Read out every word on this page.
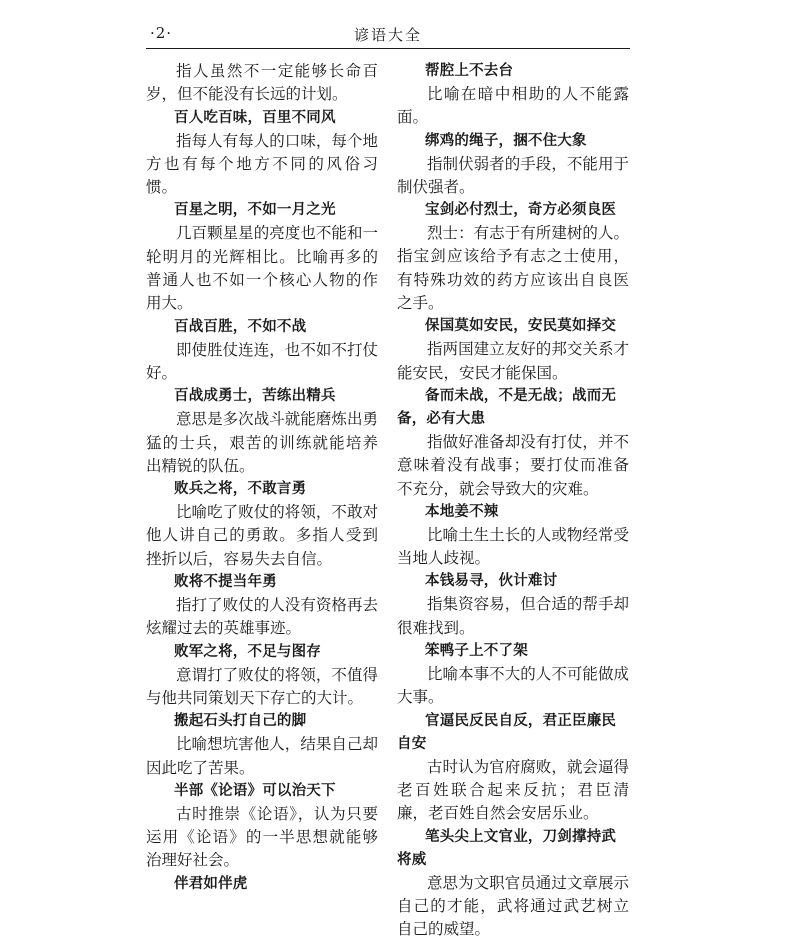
·2·	谚语大全

指人虽然不一定能够长命百岁，但不能没有长远的计划。

百人吃百味，百里不同风

指每人有每人的口味，每个地方也有每个地方不同的风俗习惯。

百星之明，不如一月之光

几百颗星星的亮度也不能和一轮明月的光辉相比。比喻再多的普通人也不如一个核心人物的作用大。

百战百胜，不如不战

即使胜仗连连，也不如不打仗好。

百战成勇士，苦练出精兵

意思是多次战斗就能磨炼出勇猛的士兵，艰苦的训练就能培养出精锐的队伍。

败兵之将，不敢言勇

比喻吃了败仗的将领，不敢对他人讲自己的勇敢。多指人受到挫折以后，容易失去自信。

败将不提当年勇

指打了败仗的人没有资格再去炫耀过去的英雄事迹。

败军之将，不足与图存

意谓打了败仗的将领，不值得与他共同策划天下存亡的大计。

搬起石头打自己的脚

比喻想坑害他人，结果自己却因此吃了苦果。

半部《论语》可以治天下

古时推崇《论语》，认为只要运用《论语》的一半思想就能够治理好社会。

伴君如伴虎

帮腔上不去台

比喻在暗中相助的人不能露面。

绑鸡的绳子，捆不住大象

指制伏弱者的手段，不能用于制伏强者。

宝剑必付烈士，奇方必须良医

烈士：有志于有所建树的人。指宝剑应该给予有志之士使用，有特殊功效的药方应该出自良医之手。

保国莫如安民，安民莫如择交

指两国建立友好的邦交关系才能安民，安民才能保国。

备而未战，不是无战；战而无备，必有大患

指做好准备却没有打仗，并不意味着没有战事；要打仗而准备不充分，就会导致大的灾难。

本地姜不辣

比喻土生土长的人或物经常受当地人歧视。

本钱易寻，伙计难讨

指集资容易，但合适的帮手却很难找到。

笨鸭子上不了架

比喻本事不大的人不可能做成大事。

官逼民反民自反，君正臣廉民自安

古时认为官府腐败，就会逼得老百姓联合起来反抗；君臣清廉，老百姓自然会安居乐业。

笔头尖上文官业，刀剑撑持武将威

意思为文职官员通过文章展示自己的才能，武将通过武艺树立自己的威望。
